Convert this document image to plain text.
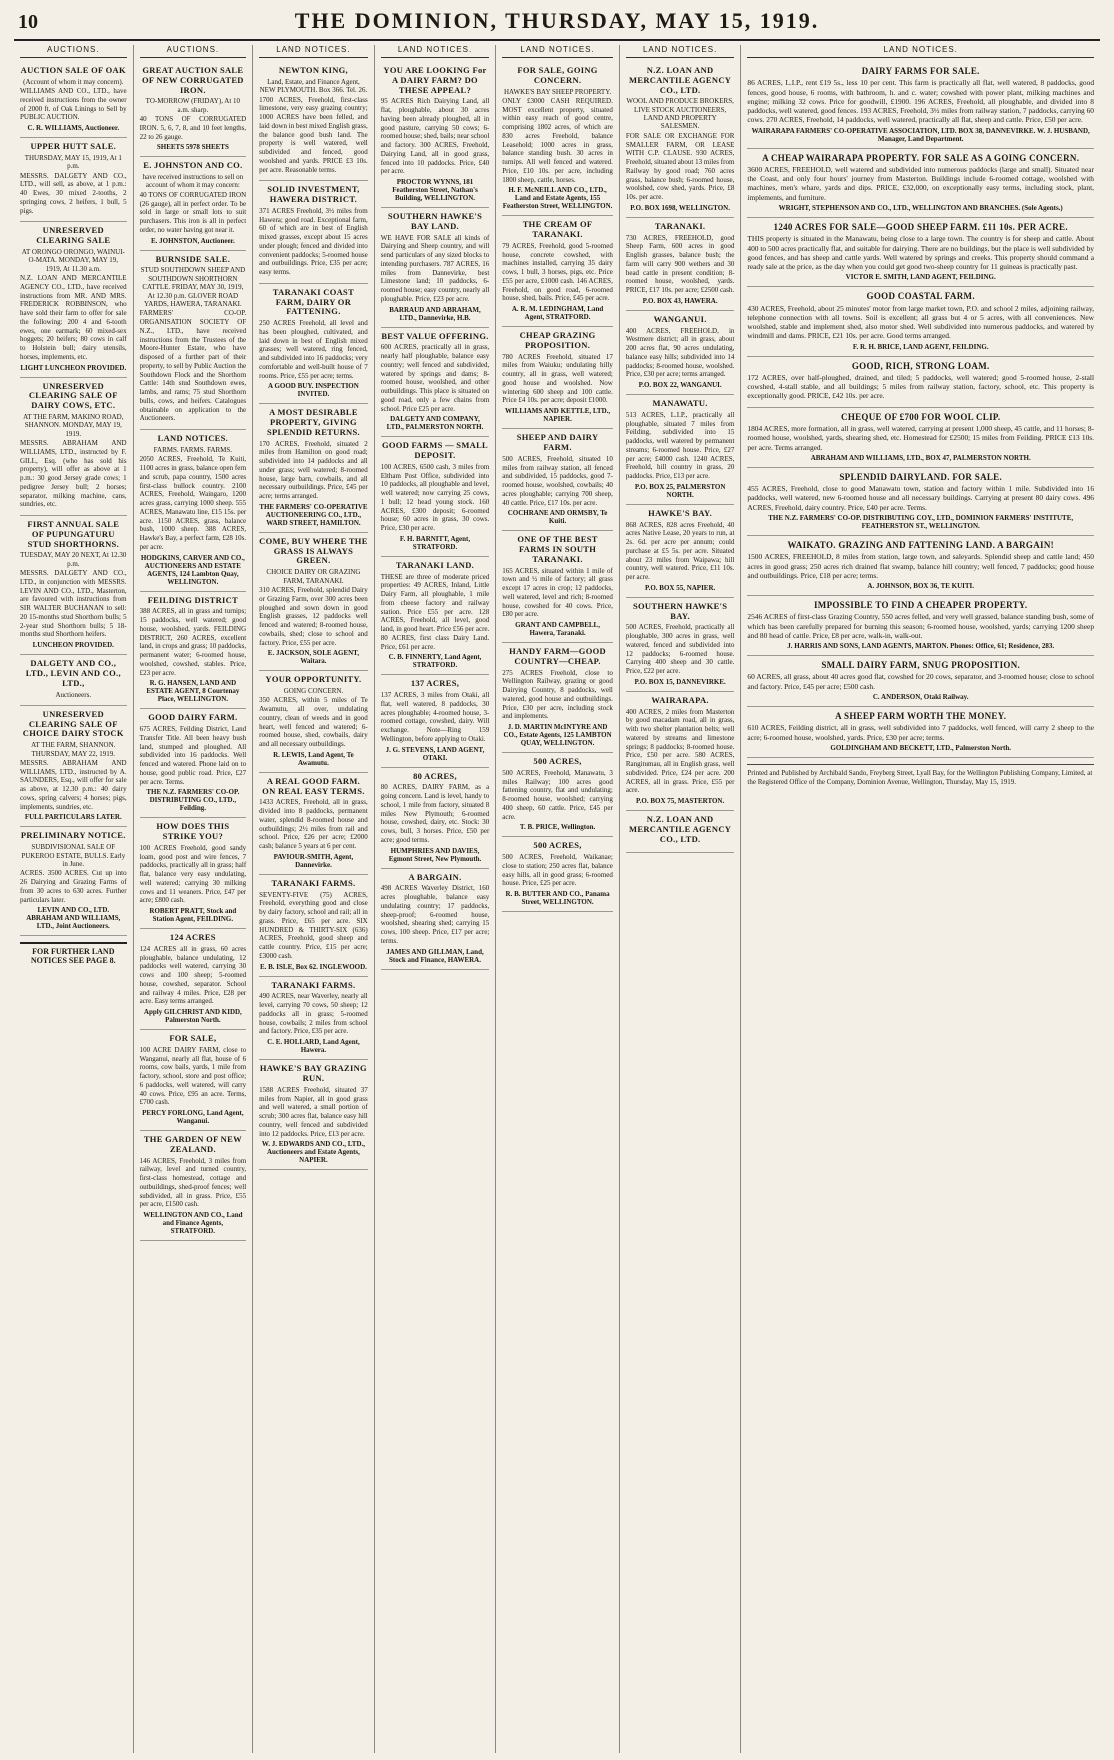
10	THE DOMINION, THURSDAY, MAY 15, 1919.
AUCTIONS.
AUCTION SALE OF OAK
(Account of whom it may concern).

WILLIAMS AND CO., LTD., have received instructions from the owner of 2000 ft. of Oak Linings to Sell by PUBLIC AUCTION.

C. R. WILLIAMS, Auctioneer.
UPPER HUTT SALE.
THURSDAY, MAY 15, 1919, At 1 p.m.

MESSRS. DALGETY AND CO., LTD., will sell, as above, at 1 p.m.: 40 Ewes, 30 mixed 2-tooths, 2 springing cows, 2 heifers, 1 bull, 5 pigs.

UNRESERVED CLEARING SALE
AT ORONGO ORONGO, WAINUI-O-MATA. MONDAY, MAY 19, 1919, At 11.30 a.m.

N.Z. LOAN AND MERCANTILE AGENCY CO., LTD., have received instructions from MR. AND MRS. FREDERICK ROBBINSON, who have sold their farm to offer for sale the following: 200 4 and 6-tooth ewes, one earmark; 60 mixed-sex hoggets; 20 heifers; 80 cows in calf to Holstein bull; dairy utensils, horses, implements, etc.

LIGHT LUNCHEON PROVIDED.
UNRESERVED CLEARING SALE OF DAIRY COWS, ETC.
AT THE FARM, MAKINO ROAD, SHANNON. MONDAY, MAY 19, 1919.

MESSRS. ABRAHAM AND WILLIAMS, LTD., instructed by F. GILL, Esq. (who has sold his property), will offer as above at 1 p.m.: 30 good Jersey grade cows; 1 pedigree Jersey bull; 2 horses; separator, milking machine, cans, sundries, etc.

FIRST ANNUAL SALE OF PUPUNGATURU STUD SHORTHORNS.
TUESDAY, MAY 20 NEXT, At 12.30 p.m.

MESSRS. DALGETY AND CO., LTD., in conjunction with MESSRS. LEVIN AND CO., LTD., Masterton, are favoured with instructions from SIR WALTER BUCHANAN to sell: 20 15-months stud Shorthorn bulls; 5 2-year stud Shorthorn bulls; 5 18-months stud Shorthorn heifers.

LUNCHEON PROVIDED.
DALGETY AND CO., LTD., LEVIN AND CO., LTD.,
Auctioneers.
UNRESERVED CLEARING SALE OF CHOICE DAIRY STOCK
AT THE FARM, SHANNON. THURSDAY, MAY 22, 1919.

MESSRS. ABRAHAM AND WILLIAMS, LTD., instructed by A. SAUNDERS, Esq., will offer for sale as above, at 12.30 p.m.: 40 dairy cows, spring calvers; 4 horses; pigs, implements, sundries, etc.

FULL PARTICULARS LATER.
PRELIMINARY NOTICE.
SUBDIVISIONAL SALE OF PUKEROO ESTATE, BULLS. Early in June.

ACRES. 3500 ACRES. Cut up into 26 Dairying and Grazing Farms of from 30 acres to 630 acres. Further particulars later.

LEVIN AND CO., LTD. ABRAHAM AND WILLIAMS, LTD., Joint Auctioneers.
FOR FURTHER LAND NOTICES SEE PAGE 8.
AUCTIONS.
GREAT AUCTION SALE OF NEW CORRUGATED IRON.
TO-MORROW (FRIDAY), At 10 a.m. sharp.

40 TONS OF CORRUGATED IRON. 5, 6, 7, 8, and 10 feet lengths, 22 to 26 gauge.

SHEETS 5978 SHEETS
E. JOHNSTON AND CO.
have received instructions to sell on account of whom it may concern:

40 TONS OF CORRUGATED IRON (26 gauge), all in perfect order. To be sold in large or small lots to suit purchasers. This iron is all in perfect order, no water having got near it.

E. JOHNSTON, Auctioneer.
BURNSIDE SALE.
STUD SOUTHDOWN SHEEP AND SOUTHDOWN SHORTHORN CATTLE. FRIDAY, MAY 30, 1919, At 12.30 p.m. GLOVER ROAD YARDS, HAWERA, TARANAKI.

FARMERS' CO-OP. ORGANISATION SOCIETY OF N.Z., LTD., have received instructions from the Trustees of the Moore-Hunter Estate, who have disposed of a further part of their property, to sell by Public Auction the Southdown Flock and the Shorthorn Cattle: 14th stud Southdown ewes, lambs, and rams; 75 stud Shorthorn bulls, cows, and heifers. Catalogues obtainable on application to the Auctioneers.

LAND NOTICES.
FARMS. FARMS. FARMS.

2050 ACRES, Freehold, Te Kuiti, 1100 acres in grass, balance open fern and scrub, papa country, 1500 acres first-class bullock country. 2100 ACRES, Freehold, Waingaro, 1200 acres grass, carrying 1000 sheep. 555 ACRES, Manawatu line, £15 15s. per acre. 1150 ACRES, grass, balance bush, 1000 sheep. 388 ACRES, Hawke's Bay, a perfect farm, £28 10s. per acre.

HODGKINS, CARVER AND CO., AUCTIONEERS AND ESTATE AGENTS, 124 Lambton Quay, WELLINGTON.
FEILDING DISTRICT

388 ACRES, all in grass and turnips; 15 paddocks, well watered; good house, woolshed, yards. FEILDING DISTRICT, 260 ACRES, excellent land, in crops and grass; 10 paddocks, permanent water; 6-roomed house, woolshed, cowshed, stables. Price, £23 per acre.

R. G. HANSEN, LAND AND ESTATE AGENT, 8 Courtenay Place, WELLINGTON.
GOOD DAIRY FARM.

675 ACRES, Feilding District, Land Transfer Title. All been heavy bush land, stumped and ploughed. All subdivided into 16 paddocks. Well fenced and watered. Phone laid on to house, good public road. Price, £27 per acre. Terms.

THE N.Z. FARMERS' CO-OP. DISTRIBUTING CO., LTD., Feilding.
HOW DOES THIS STRIKE YOU?

100 ACRES Freehold, good sandy loam, good post and wire fences, 7 paddocks, practically all in grass; half flat, balance very easy undulating, well watered; carrying 30 milking cows and 11 weaners. Price, £47 per acre; £800 cash.

ROBERT PRATT, Stock and Station Agent, FEILDING.
124 ACRES

124 ACRES all in grass, 60 acres ploughable, balance undulating, 12 paddocks well watered, carrying 30 cows and 100 sheep; 5-roomed house, cowshed, separator. School and railway 4 miles. Price, £28 per acre. Easy terms arranged.

Apply GILCHRIST AND KIDD, Palmerston North.
FOR SALE,

100 ACRE DAIRY FARM, close to Wanganui, nearly all flat, house of 6 rooms, cow bails, yards, 1 mile from factory, school, store and post office; 6 paddocks, well watered, will carry 40 cows. Price, £95 an acre. Terms, £700 cash.

PERCY FORLONG, Land Agent, Wanganui.
THE GARDEN OF NEW ZEALAND.

146 ACRES, Freehold, 3 miles from railway, level and turned country, first-class homestead, cottage and outbuildings, shed-proof fences; well subdivided, all in grass. Price, £55 per acre, £1500 cash.

WELLINGTON AND CO., Land and Finance Agents, STRATFORD.
LAND NOTICES.
NEWTON KING,
Land, Estate, and Finance Agent, NEW PLYMOUTH. Box 366. Tel. 26.

1700 ACRES, Freehold, first-class limestone, very easy grazing country; 1000 ACRES have been felled, and laid down in best mixed English grass, the balance good bush land. The property is well watered, well subdivided and fenced, good woolshed and yards. PRICE £3 10s. per acre. Reasonable terms.

SOLID INVESTMENT, HAWERA DISTRICT.

371 ACRES Freehold, 3½ miles from Hawera; good road. Exceptional farm, 60 of which are in best of English mixed grasses, except about 15 acres under plough; fenced and divided into convenient paddocks; 5-roomed house and outbuildings. Price, £35 per acre; easy terms.

TARANAKI COAST FARM, DAIRY OR FATTENING.

250 ACRES Freehold, all level and has been ploughed, cultivated, and laid down in best of English mixed grasses; well watered, ring fenced, and subdivided into 16 paddocks; very comfortable and well-built house of 7 rooms. Price, £55 per acre; terms.

A GOOD BUY. INSPECTION INVITED.
A MOST DESIRABLE PROPERTY, GIVING SPLENDID RETURNS.

170 ACRES, Freehold, situated 2 miles from Hamilton on good road; subdivided into 14 paddocks and all under grass; well watered; 8-roomed house, large barn, cowbails, and all necessary outbuildings. Price, £45 per acre; terms arranged.

THE FARMERS' CO-OPERATIVE AUCTIONEERING CO., LTD., WARD STREET, HAMILTON.
COME, BUY WHERE THE GRASS IS ALWAYS GREEN.
CHOICE DAIRY OR GRAZING FARM, TARANAKI.

310 ACRES, Freehold, splendid Dairy or Grazing Farm, over 300 acres been ploughed and sown down in good English grasses, 12 paddocks well fenced and watered; 8-roomed house, cowbails, shed; close to school and factory. Price, £55 per acre.

E. JACKSON, SOLE AGENT, Waitara.
YOUR OPPORTUNITY.
GOING CONCERN.

350 ACRES, within 5 miles of Te Awamutu, all over, undulating country, clean of weeds and in good heart, well fenced and watered; 6-roomed house, shed, cowbails, dairy and all necessary outbuildings.

R. LEWIS, Land Agent, Te Awamutu.
A REAL GOOD FARM. ON REAL EASY TERMS.

1433 ACRES, Freehold, all in grass, divided into 8 paddocks, permanent water, splendid 8-roomed house and outbuildings; 2½ miles from rail and school. Price, £26 per acre; £2000 cash; balance 5 years at 6 per cent.

PAVIOUR-SMITH, Agent, Dannevirke.
TARANAKI FARMS.

SEVENTY-FIVE (75) ACRES, Freehold, everything good and close by dairy factory, school and rail; all in grass. Price, £65 per acre. SIX HUNDRED & THIRTY-SIX (636) ACRES, Freehold, good sheep and cattle country. Price, £15 per acre; £3000 cash.

E. B. ISLE, Box 62. INGLEWOOD.
TARANAKI FARMS.

490 ACRES, near Waverley, nearly all level, carrying 70 cows, 50 sheep; 12 paddocks all in grass; 5-roomed house, cowbails; 2 miles from school and factory. Price, £35 per acre.

C. E. HOLLARD, Land Agent, Hawera.
HAWKE'S BAY GRAZING RUN.

1588 ACRES Freehold, situated 37 miles from Napier, all in good grass and well watered, a small portion of scrub; 300 acres flat, balance easy hill country, well fenced and subdivided into 12 paddocks. Price, £13 per acre.

W. J. EDWARDS AND CO., LTD., Auctioneers and Estate Agents, NAPIER.
LAND NOTICES.
YOU ARE LOOKING For A DAIRY FARM? DO THESE APPEAL?

95 ACRES Rich Dairying Land, all flat, ploughable, about 30 acres having been already ploughed, all in good pasture, carrying 50 cows; 6-roomed house; shed, bails; near school and factory. 300 ACRES, Freehold, Dairying Land, all in good grass, fenced into 10 paddocks. Price, £40 per acre.

PROCTOR WYNNS, 181 Featherston Street, Nathan's Building, WELLINGTON.
SOUTHERN HAWKE'S BAY LAND.

WE HAVE FOR SALE all kinds of Dairying and Sheep country, and will send particulars of any sized blocks to intending purchasers. 787 ACRES, 16 miles from Dannevirke, best Limestone land; 10 paddocks, 6-roomed house; easy country, nearly all ploughable. Price, £23 per acre.

BARRAUD AND ABRAHAM, LTD., Dannevirke, H.B.
BEST VALUE OFFERING.

600 ACRES, practically all in grass, nearly half ploughable, balance easy country; well fenced and subdivided, watered by springs and dams; 8-roomed house, woolshed, and other outbuildings. This place is situated on good road, only a few chains from school. Price £25 per acre.

DALGETY AND COMPANY, LTD., PALMERSTON NORTH.
GOOD FARMS — SMALL DEPOSIT.

100 ACRES, 6500 cash, 3 miles from Eltham Post Office, subdivided into 10 paddocks, all ploughable and level, well watered; now carrying 25 cows, 1 bull; 12 head young stock. 160 ACRES, £300 deposit; 6-roomed house; 60 acres in grass, 30 cows. Price, £30 per acre.

F. H. BARNITT, Agent, STRATFORD.
TARANAKI LAND.

THESE are three of moderate priced properties: 49 ACRES, Inland, Little Dairy Farm, all ploughable, 1 mile from cheese factory and railway station. Price £55 per acre. 128 ACRES, Freehold, all level, good land, in good heart. Price £56 per acre. 80 ACRES, first class Dairy Land. Price, £61 per acre.

C. B. FINNERTY, Land Agent, STRATFORD.
137 ACRES,

137 ACRES, 3 miles from Otaki, all flat, well watered, 8 paddocks, 30 acres ploughable; 4-roomed house, 3-roomed cottage, cowshed, dairy. Will exchange. Note—Ring 159 Wellington, before applying to Otaki.

J. G. STEVENS, LAND AGENT, OTAKI.
80 ACRES,

80 ACRES, DAIRY FARM, as a going concern. Land is level, handy to school, 1 mile from factory, situated 8 miles New Plymouth; 6-roomed house, cowshed, dairy, etc. Stock: 30 cows, bull, 3 horses. Price, £50 per acre; good terms.

HUMPHRIES AND DAVIES, Egmont Street, New Plymouth.
A BARGAIN.

498 ACRES Waverley District, 160 acres ploughable, balance easy undulating country; 17 paddocks, sheep-proof; 6-roomed house, woolshed, shearing shed; carrying 15 cows, 100 sheep. Price, £17 per acre; terms.

JAMES AND GILLMAN, Land, Stock and Finance, HAWERA.
LAND NOTICES.
FOR SALE, GOING CONCERN.
HAWKE'S BAY SHEEP PROPERTY.

ONLY £3000 CASH REQUIRED. MOST excellent property, situated within easy reach of good centre, comprising 1802 acres, of which are 830 acres Freehold, balance Leasehold; 1000 acres in grass, balance standing bush. 30 acres in turnips. All well fenced and watered. Price, £10 10s. per acre, including 1800 sheep, cattle, horses.

H. F. McNEILL AND CO., LTD., Land and Estate Agents, 155 Featherston Street, WELLINGTON.
THE CREAM OF TARANAKI.

79 ACRES, Freehold, good 5-roomed house, concrete cowshed, with machines installed, carrying 35 dairy cows, 1 bull, 3 horses, pigs, etc. Price £55 per acre, £1000 cash. 146 ACRES, Freehold, on good road, 6-roomed house, shed, bails. Price, £45 per acre.

A. R. M. LEDINGHAM, Land Agent, STRATFORD.
CHEAP GRAZING PROPOSITION.

780 ACRES Freehold, situated 17 miles from Waiuku; undulating hilly country, all in grass, well watered; good house and woolshed. Now wintering 600 sheep and 100 cattle. Price £4 10s. per acre; deposit £1000.

WILLIAMS AND KETTLE, LTD., NAPIER.
SHEEP AND DAIRY FARM.

500 ACRES, Freehold, situated 10 miles from railway station, all fenced and subdivided, 15 paddocks, good 7-roomed house, woolshed, cowbails; 40 acres ploughable; carrying 700 sheep, 40 cattle. Price, £17 10s. per acre.

COCHRANE AND ORMSBY, Te Kuiti.
ONE OF THE BEST FARMS IN SOUTH TARANAKI.

165 ACRES, situated within 1 mile of town and ½ mile of factory; all grass except 17 acres in crop; 12 paddocks, well watered, level and rich; 8-roomed house, cowshed for 40 cows. Price, £80 per acre.

GRANT AND CAMPBELL, Hawera, Taranaki.
HANDY FARM—GOOD COUNTRY—CHEAP.

275 ACRES Freehold, close to Wellington Railway, grazing or good Dairying Country, 8 paddocks, well watered, good house and outbuildings. Price, £30 per acre, including stock and implements.

J. D. MARTIN McINTYRE AND CO., Estate Agents, 125 LAMBTON QUAY, WELLINGTON.
500 ACRES,

500 ACRES, Freehold, Manawatu, 3 miles Railway; 100 acres good fattening country, flat and undulating; 8-roomed house, woolshed; carrying 400 sheep, 60 cattle. Price, £45 per acre.

T. B. PRICE, Wellington.
500 ACRES,

500 ACRES, Freehold, Waikanae; close to station; 250 acres flat, balance easy hills, all in good grass; 6-roomed house. Price, £25 per acre.

R. B. BUTTER AND CO., Panama Street, WELLINGTON.
LAND NOTICES.
N.Z. LOAN AND MERCANTILE AGENCY CO., LTD.
WOOL AND PRODUCE BROKERS, LIVE STOCK AUCTIONEERS, LAND AND PROPERTY SALESMEN.

FOR SALE OR EXCHANGE FOR SMALLER FARM, OR LEASE WITH C.P. CLAUSE. 930 ACRES, Freehold, situated about 13 miles from Railway by good road; 760 acres grass, balance bush; 6-roomed house, woolshed, cow shed, yards. Price, £8 10s. per acre.

P.O. BOX 1698, WELLINGTON.
TARANAKI.

730 ACRES, FREEHOLD, good Sheep Farm, 600 acres in good English grasses, balance bush; the farm will carry 900 wethers and 30 head cattle in present condition; 8-roomed house, woolshed, yards. PRICE, £17 10s. per acre; £2500 cash.

P.O. BOX 43, HAWERA.
WANGANUI.

400 ACRES, FREEHOLD, in Westmere district; all in grass, about 200 acres flat, 90 acres undulating, balance easy hills; subdivided into 14 paddocks; 8-roomed house, woolshed. Price, £30 per acre; terms arranged.

P.O. BOX 22, WANGANUI.
MANAWATU.

513 ACRES, L.I.P., practically all ploughable, situated 7 miles from Feilding, subdivided into 15 paddocks, well watered by permanent streams; 6-roomed house. Price, £27 per acre; £4000 cash. 1240 ACRES, Freehold, hill country in grass, 20 paddocks. Price, £13 per acre.

P.O. BOX 25, PALMERSTON NORTH.
HAWKE'S BAY.

868 ACRES, 828 acres Freehold, 40 acres Native Lease, 20 years to run, at 2s. 6d. per acre per annum; could purchase at £5 5s. per acre. Situated about 23 miles from Waipawa; hill country, well watered. Price, £11 10s. per acre.

P.O. BOX 55, NAPIER.
SOUTHERN HAWKE'S BAY.

500 ACRES, Freehold, practically all ploughable, 300 acres in grass, well watered, fenced and subdivided into 12 paddocks; 6-roomed house. Carrying 400 sheep and 30 cattle. Price, £22 per acre.

P.O. BOX 15, DANNEVIRKE.
WAIRARAPA.

400 ACRES, 2 miles from Masterton by good macadam road, all in grass, with two shelter plantation belts; well watered by streams and limestone springs; 8 paddocks; 8-roomed house. Price, £50 per acre. 580 ACRES, Rangitumau, all in English grass, well subdivided. Price, £24 per acre. 200 ACRES, all in grass. Price, £55 per acre.

P.O. BOX 75, MASTERTON.
N.Z. LOAN AND MERCANTILE AGENCY CO., LTD.
LAND NOTICES.
DAIRY FARMS FOR SALE.

86 ACRES, L.I.P., rent £19 5s., less 10 per cent. This farm is practically all flat, well watered, 8 paddocks, good fences, good house, 6 rooms, with bathroom, h. and c. water; cowshed with power plant, milking machines and engine; milking 32 cows. Price for goodwill, £1900. 196 ACRES, Freehold, all ploughable, and divided into 8 paddocks, well watered, good fences. 193 ACRES, Freehold, 3½ miles from railway station, 7 paddocks, carrying 60 cows. 270 ACRES, Freehold, 14 paddocks, well watered, practically all flat, sheep and cattle. Price, £50 per acre.

WAIRARAPA FARMERS' CO-OPERATIVE ASSOCIATION, LTD. BOX 38, DANNEVIRKE. W. J. HUSBAND, Manager, Land Department.
A CHEAP WAIRARAPA PROPERTY. FOR SALE AS A GOING CONCERN.

3600 ACRES, FREEHOLD, well watered and subdivided into numerous paddocks (large and small). Situated near the Coast, and only four hours' journey from Masterton. Buildings include 6-roomed cottage, woolshed with machines, men's whare, yards and dips. PRICE, £32,000, on exceptionally easy terms, including stock, plant, implements, and furniture.

WRIGHT, STEPHENSON AND CO., LTD., WELLINGTON AND BRANCHES. (Sole Agents.)
1240 ACRES FOR SALE—GOOD SHEEP FARM. £11 10s. PER ACRE.

THIS property is situated in the Manawatu, being close to a large town. The country is for sheep and cattle. About 400 to 500 acres practically flat, and suitable for dairying. There are no buildings, but the place is well subdivided by good fences, and has sheep and cattle yards. Well watered by springs and creeks. This property should command a ready sale at the price, as the day when you could get good two-sheep country for 11 guineas is practically past.

VICTOR E. SMITH, LAND AGENT, FEILDING.
GOOD COASTAL FARM.

430 ACRES, Freehold, about 25 minutes' motor from large market town, P.O. and school 2 miles, adjoining railway, telephone connection with all towns. Soil is excellent; all grass but 4 or 5 acres, with all conveniences. New woolshed, stable and implement shed, also motor shed. Well subdivided into numerous paddocks, and watered by windmill and dams. PRICE, £21 10s. per acre. Good terms arranged.

F. R. H. BRICE, LAND AGENT, FEILDING.
GOOD, RICH, STRONG LOAM.

172 ACRES, over half-ploughed, drained, and tiled; 5 paddocks, well watered; good 5-roomed house, 2-stall cowshed, 4-stall stable, and all buildings; 5 miles from railway station, factory, school, etc. This property is exceptionally good. PRICE, £42 10s. per acre.

CHEQUE OF £700 FOR WOOL CLIP.

1804 ACRES, more formation, all in grass, well watered, carrying at present 1,000 sheep, 45 cattle, and 11 horses; 8-roomed house, woolshed, yards, shearing shed, etc. Homestead for £2500; 15 miles from Feilding. PRICE £13 10s. per acre. Terms arranged.

ABRAHAM AND WILLIAMS, LTD., BOX 47, PALMERSTON NORTH.
SPLENDID DAIRYLAND. FOR SALE.

455 ACRES, Freehold, close to good Manawatu town, station and factory within 1 mile. Subdivided into 16 paddocks, well watered, new 6-roomed house and all necessary buildings. Carrying at present 80 dairy cows. 496 ACRES, Freehold, dairy country. Price, £40 per acre. Terms.

THE N.Z. FARMERS' CO-OP. DISTRIBUTING COY., LTD., DOMINION FARMERS' INSTITUTE, FEATHERSTON ST., WELLINGTON.
WAIKATO. GRAZING AND FATTENING LAND. A BARGAIN!

1500 ACRES, FREEHOLD, 8 miles from station, large town, and saleyards. Splendid sheep and cattle land; 450 acres in good grass; 250 acres rich drained flat swamp, balance hill country; well fenced, 7 paddocks; good house and outbuildings. Price, £18 per acre; terms.

A. JOHNSON, BOX 36, TE KUITI.
IMPOSSIBLE TO FIND A CHEAPER PROPERTY.

2546 ACRES of first-class Grazing Country, 550 acres felled, and very well grassed, balance standing bush, some of which has been carefully prepared for burning this season; 6-roomed house, woolshed, yards; carrying 1200 sheep and 80 head of cattle. Price, £8 per acre, walk-in, walk-out.

J. HARRIS AND SONS, LAND AGENTS, MARTON. Phones: Office, 61; Residence, 283.
SMALL DAIRY FARM, SNUG PROPOSITION.

60 ACRES, all grass, about 40 acres good flat, cowshed for 20 cows, separator, and 3-roomed house; close to school and factory. Price, £45 per acre; £500 cash.

C. ANDERSON, Otaki Railway.
A SHEEP FARM WORTH THE MONEY.

610 ACRES, Feilding district, all in grass, well subdivided into 7 paddocks, well fenced, will carry 2 sheep to the acre; 6-roomed house, woolshed, yards. Price, £30 per acre; terms.

GOLDINGHAM AND BECKETT, LTD., Palmerston North.
Printed and Published by Archibald Sando, Freyberg Street, Lyall Bay, for the Wellington Publishing Company, Limited, at the Registered Office of the Company, Dominion Avenue, Wellington, Thursday, May 15, 1919.
